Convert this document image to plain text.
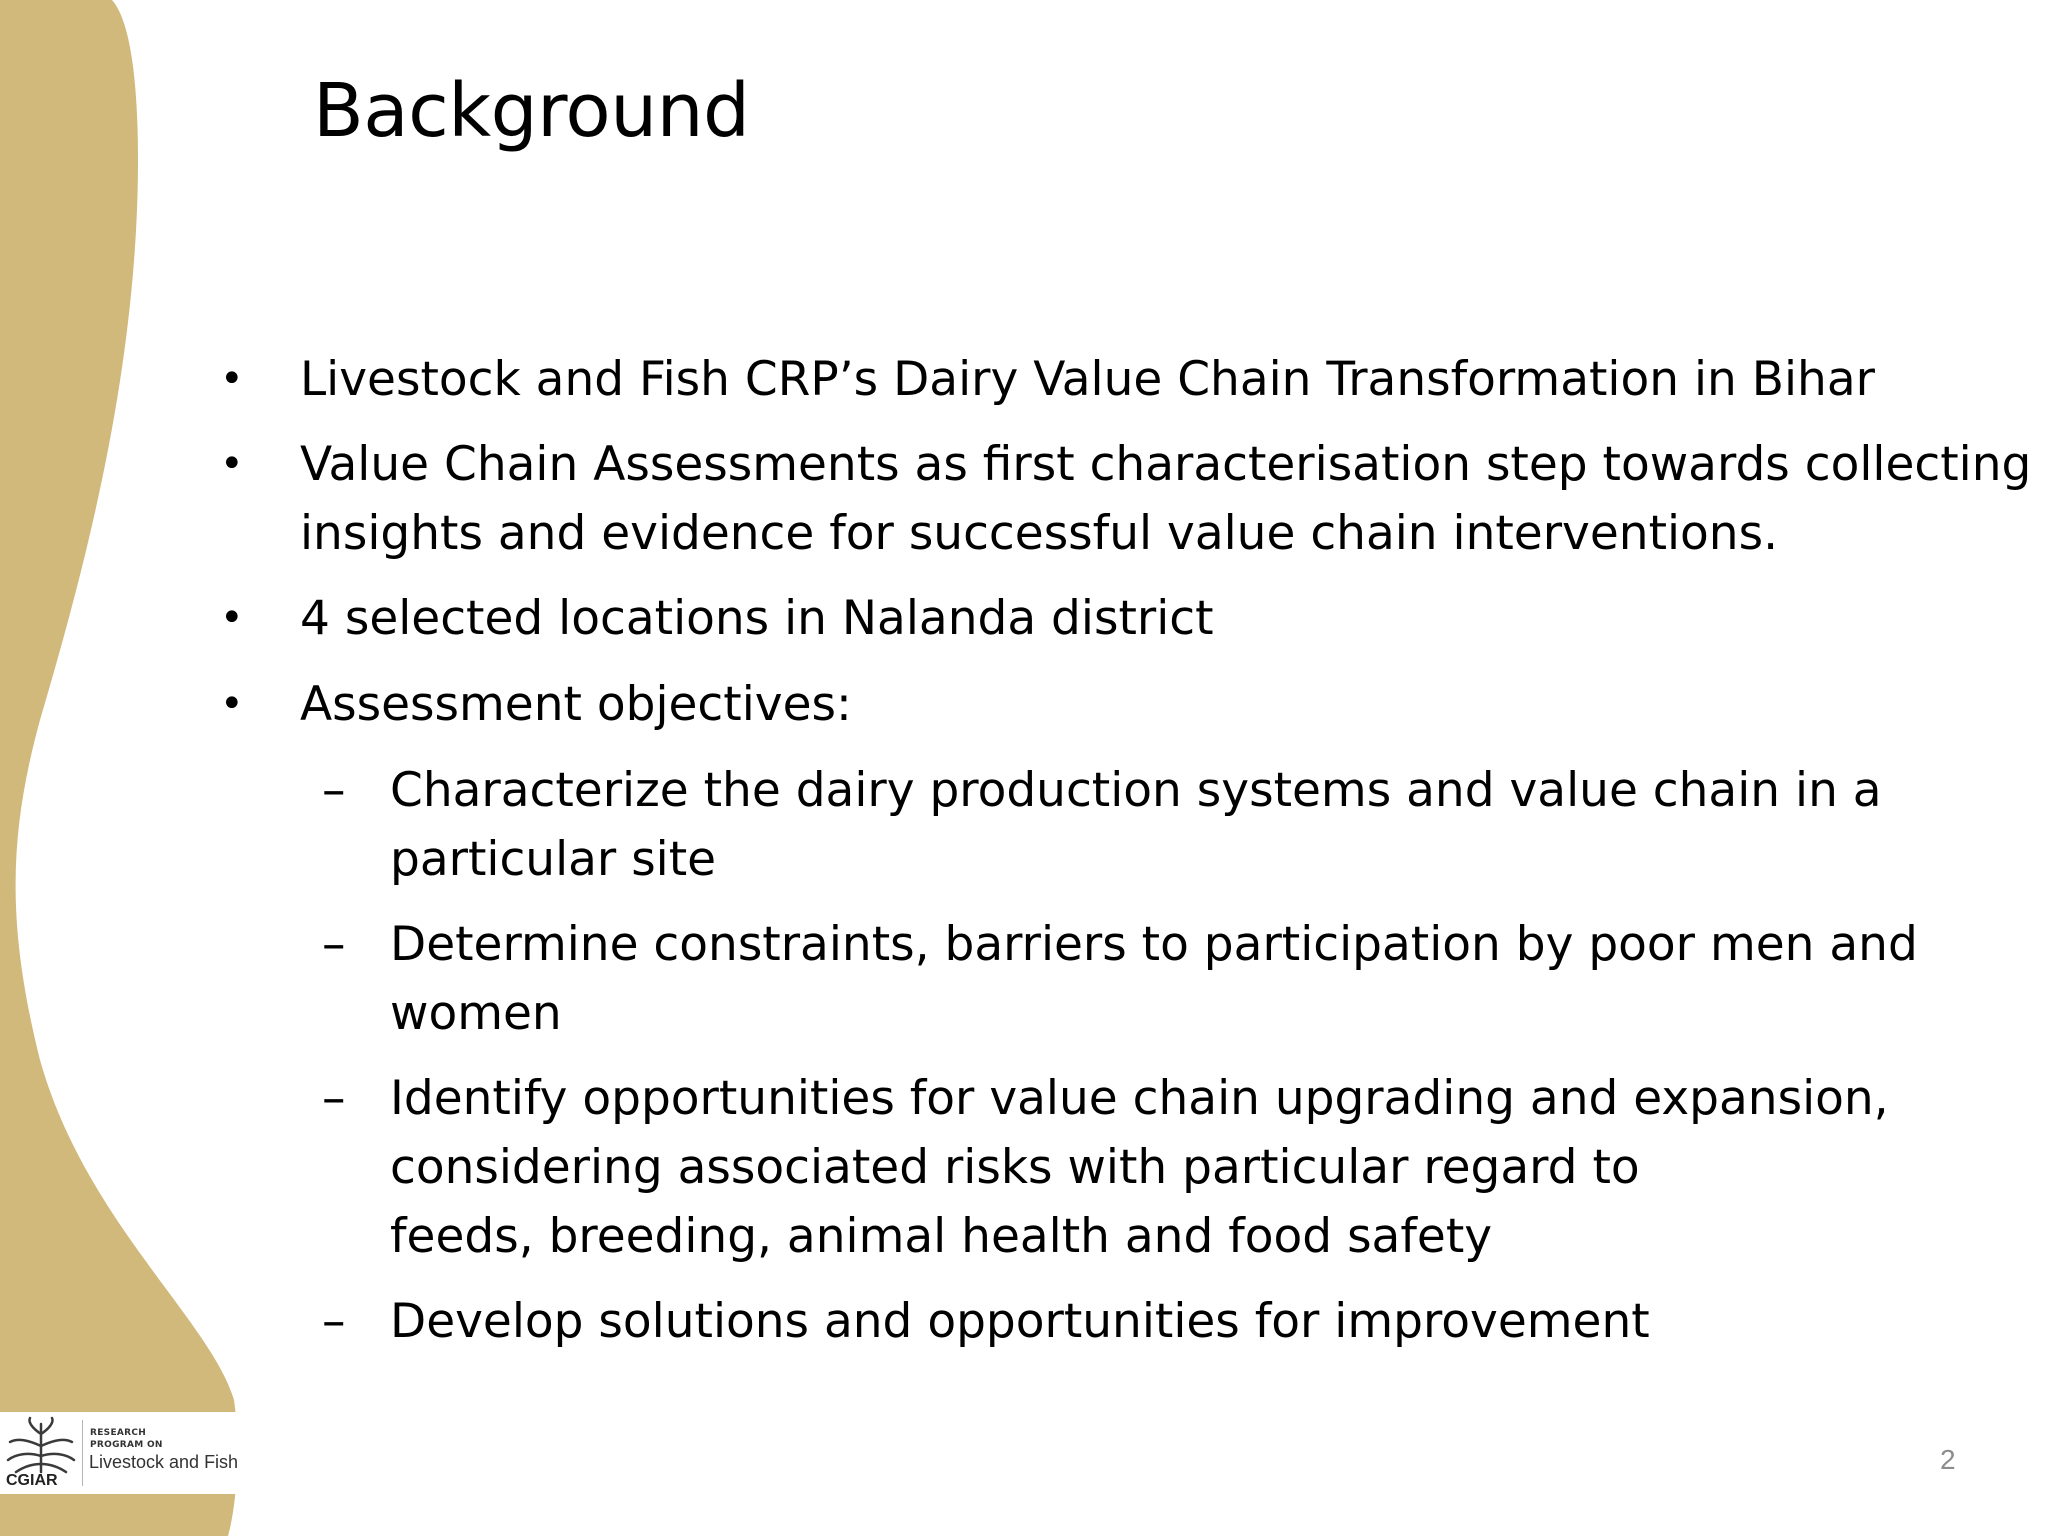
Background
• Livestock and Fish CRP’s Dairy Value Chain Transformation in Bihar
• Value Chain Assessments as first characterisation step towards collecting
insights and evidence for successful value chain interventions.
• 4 selected locations in Nalanda district
• Assessment objectives:
– Characterize the dairy production systems and value chain in a
particular site
– Determine constraints, barriers to participation by poor men and
women
– Identify opportunities for value chain upgrading and expansion,
considering associated risks with particular regard to
feeds, breeding, animal health and food safety
– Develop solutions and opportunities for improvement
RESEARCH
PROGRAM ON
Livestock and Fish
CGIAR
2
